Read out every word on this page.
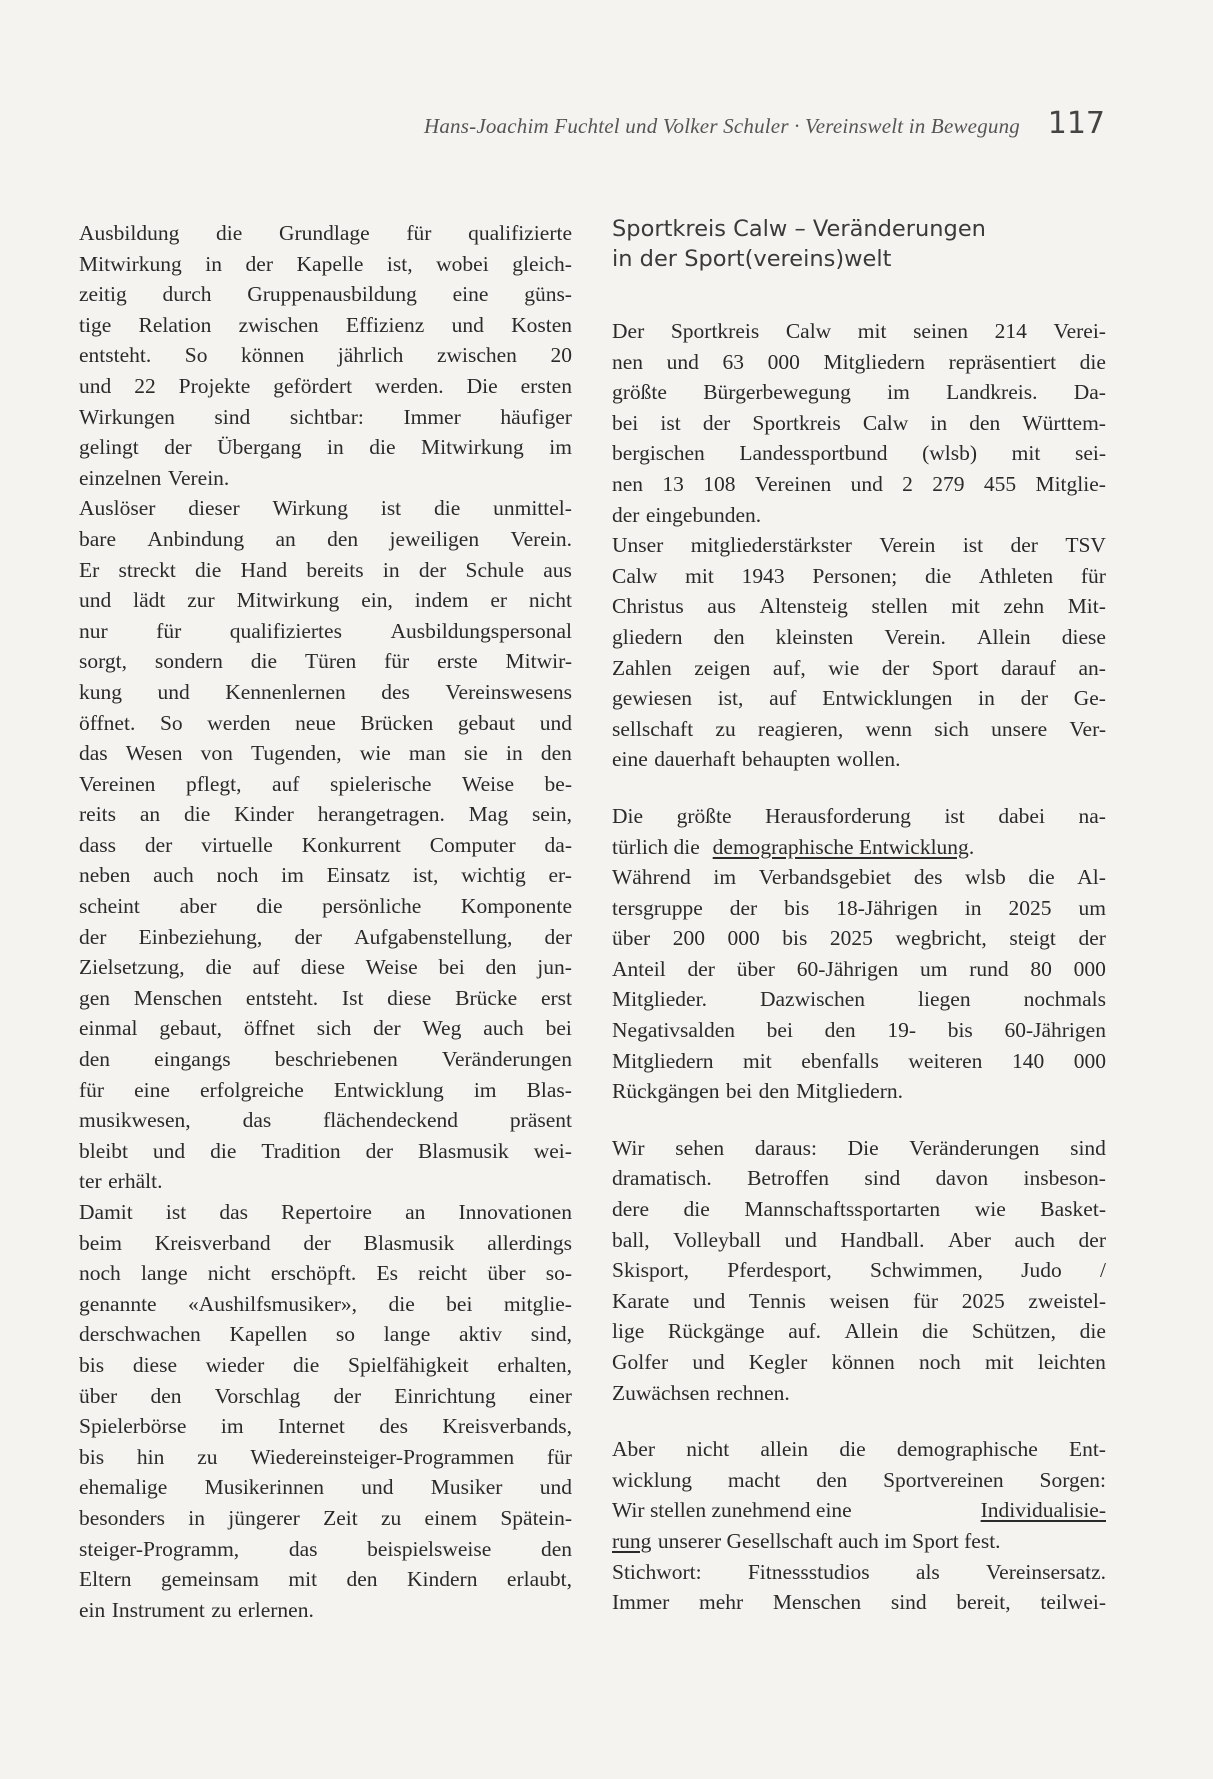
Hans-Joachim Fuchtel und Volker Schuler · Vereinswelt in Bewegung 117
Ausbildung die Grundlage für qualifizierte
Mitwirkung in der Kapelle ist, wobei gleich-
zeitig durch Gruppenausbildung eine güns-
tige Relation zwischen Effizienz und Kosten
entsteht. So können jährlich zwischen 20
und 22 Projekte gefördert werden. Die ersten
Wirkungen sind sichtbar: Immer häufiger
gelingt der Übergang in die Mitwirkung im
einzelnen Verein.
Auslöser dieser Wirkung ist die unmittel-
bare Anbindung an den jeweiligen Verein.
Er streckt die Hand bereits in der Schule aus
und lädt zur Mitwirkung ein, indem er nicht
nur für qualifiziertes Ausbildungspersonal
sorgt, sondern die Türen für erste Mitwir-
kung und Kennenlernen des Vereinswesens
öffnet. So werden neue Brücken gebaut und
das Wesen von Tugenden, wie man sie in den
Vereinen pflegt, auf spielerische Weise be-
reits an die Kinder herangetragen. Mag sein,
dass der virtuelle Konkurrent Computer da-
neben auch noch im Einsatz ist, wichtig er-
scheint aber die persönliche Komponente
der Einbeziehung, der Aufgabenstellung, der
Zielsetzung, die auf diese Weise bei den jun-
gen Menschen entsteht. Ist diese Brücke erst
einmal gebaut, öffnet sich der Weg auch bei
den eingangs beschriebenen Veränderungen
für eine erfolgreiche Entwicklung im Blas-
musikwesen, das flächendeckend präsent
bleibt und die Tradition der Blasmusik wei-
ter erhält.
Damit ist das Repertoire an Innovationen
beim Kreisverband der Blasmusik allerdings
noch lange nicht erschöpft. Es reicht über so-
genannte «Aushilfsmusiker», die bei mitglie-
derschwachen Kapellen so lange aktiv sind,
bis diese wieder die Spielfähigkeit erhalten,
über den Vorschlag der Einrichtung einer
Spielerbörse im Internet des Kreisverbands,
bis hin zu Wiedereinsteiger-Programmen für
ehemalige Musikerinnen und Musiker und
besonders in jüngerer Zeit zu einem Spätein-
steiger-Programm, das beispielsweise den
Eltern gemeinsam mit den Kindern erlaubt,
ein Instrument zu erlernen.
Sportkreis Calw – Veränderungen
in der Sport(vereins)welt
Der Sportkreis Calw mit seinen 214 Verei-
nen und 63 000 Mitgliedern repräsentiert die
größte Bürgerbewegung im Landkreis. Da-
bei ist der Sportkreis Calw in den Württem-
bergischen Landessportbund (wlsb) mit sei-
nen 13 108 Vereinen und 2 279 455 Mitglie-
der eingebunden.
Unser mitgliederstärkster Verein ist der TSV
Calw mit 1943 Personen; die Athleten für
Christus aus Altensteig stellen mit zehn Mit-
gliedern den kleinsten Verein. Allein diese
Zahlen zeigen auf, wie der Sport darauf an-
gewiesen ist, auf Entwicklungen in der Ge-
sellschaft zu reagieren, wenn sich unsere Ver-
eine dauerhaft behaupten wollen.
Die größte Herausforderung ist dabei na-
türlich die demographische Entwicklung .
Während im Verbandsgebiet des wlsb die Al-
tersgruppe der bis 18-Jährigen in 2025 um
über 200 000 bis 2025 wegbricht, steigt der
Anteil der über 60-Jährigen um rund 80 000
Mitglieder. Dazwischen liegen nochmals
Negativsalden bei den 19- bis 60-Jährigen
Mitgliedern mit ebenfalls weiteren 140 000
Rückgängen bei den Mitgliedern.
Wir sehen daraus: Die Veränderungen sind
dramatisch. Betroffen sind davon insbeson-
dere die Mannschaftssportarten wie Basket-
ball, Volleyball und Handball. Aber auch der
Skisport, Pferdesport, Schwimmen, Judo /
Karate und Tennis weisen für 2025 zweistel-
lige Rückgänge auf. Allein die Schützen, die
Golfer und Kegler können noch mit leichten
Zuwächsen rechnen.
Aber nicht allein die demographische Ent-
wicklung macht den Sportvereinen Sorgen:
Wir stellen zunehmend eine	Individualisie-
rung unserer Gesellschaft auch im Sport fest.
Stichwort: Fitnessstudios als Vereinsersatz.
Immer mehr Menschen sind bereit, teilwei-
